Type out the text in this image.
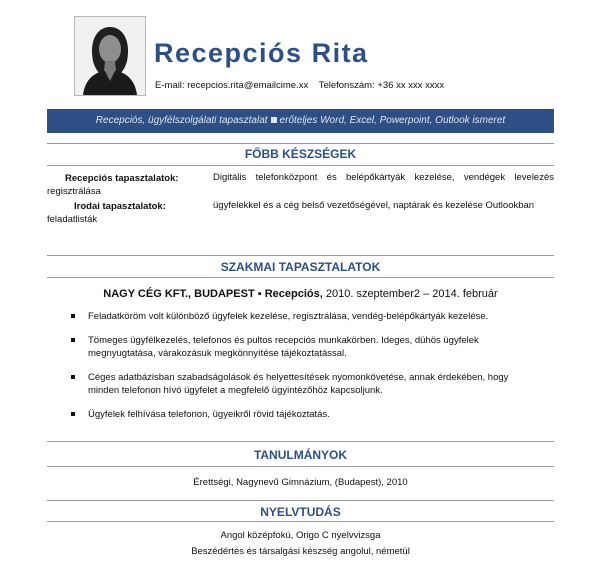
Recepciós Rita
E-mail: recepcios.rita@emailcime.xx Telefonszám: +36 xx xxx xxxx
Recepciós, ügyfélszolgálati tapasztalat erőteljes Word, Excel, Powerpoint, Outlook ismeret
FŐBB KÉSZSÉGEK
Recepciós tapasztalatok:
regisztrálása
Irodai tapasztalatok:
feladatlisták
Digitális telefonközpont és belépőkártyák kezelése, vendégek levelezés ügyfelekkel és a cég belső vezetőségével, naptárak és kezelése Outlookban
SZAKMAI TAPASZTALATOK
NAGY CÉG KFT., BUDAPEST ▪ Recepciós, 2010. szeptember2 – 2014. február
Feladatköröm volt különböző ügyfelek kezelése, regisztrálása, vendég-belépőkártyák kezelése.
Tömeges ügyfélkezelés, telefonos és pultos recepciós munkakörben. Ideges, dühös ügyfelek megnyugtatása, várakozásuk megkönnyítése tájékoztatással.
Céges adatbázisban szabadságolások és helyettesítések nyomonkövetése, annak érdekében, hogy minden telefonon hívó ügyfelet a megfelelő ügyintézőhöz kapcsoljunk.
Ügyfelek felhívása telefonon, ügyeikről rövid tájékoztatás.
TANULMÁNYOK
Érettségi, Nagynevű Gimnázium, (Budapest), 2010
NYELVTUDÁS
Angol középfokú, Origo C nyelvvizsga
Beszédértés és társalgási készség angolul, németül
